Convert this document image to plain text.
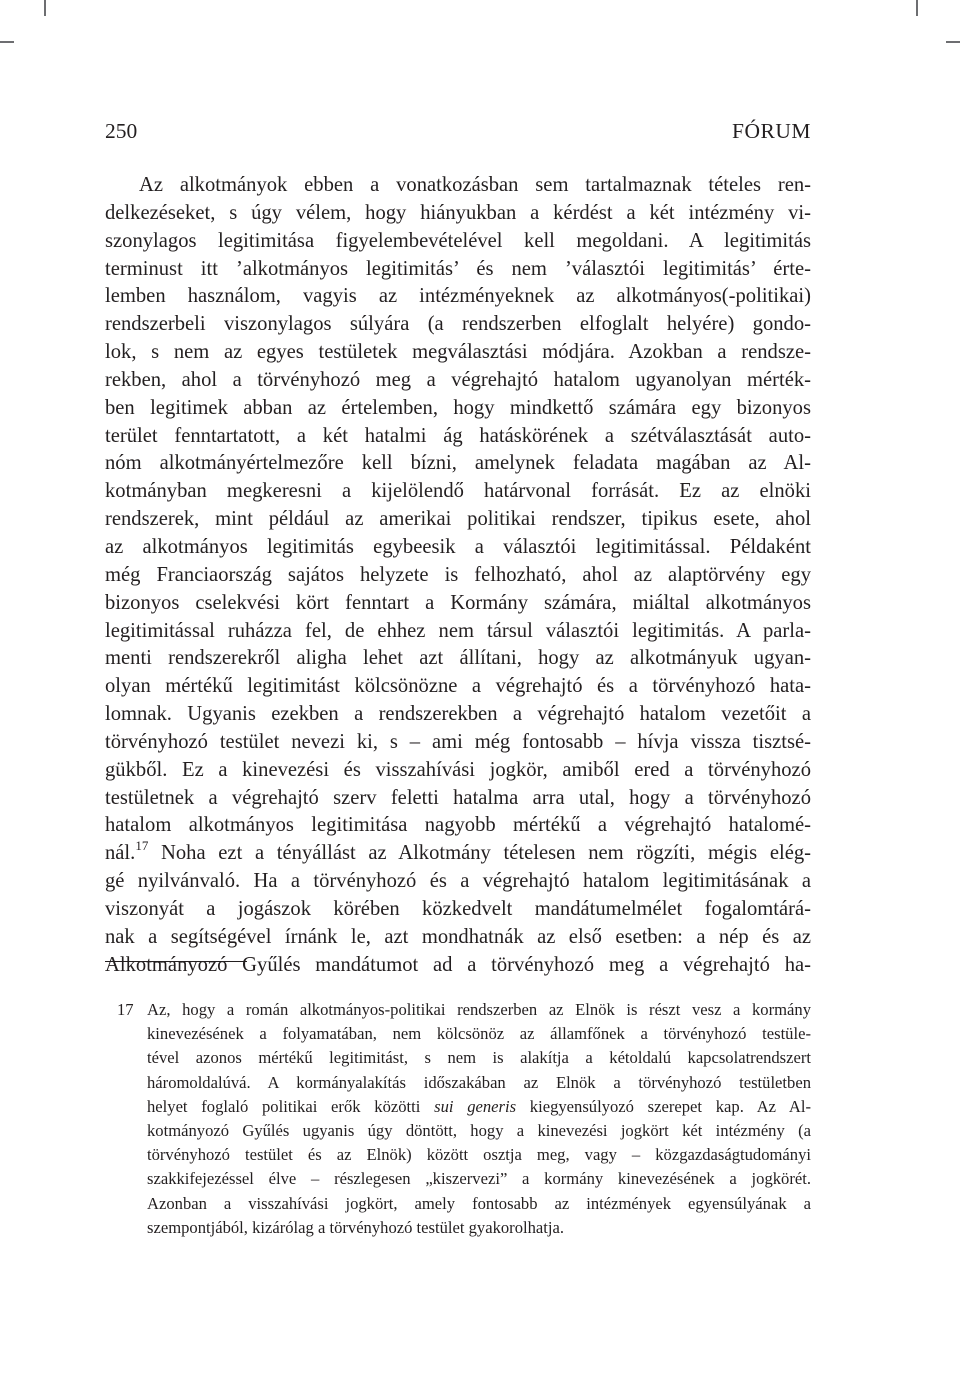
250	FÓRUM
Az alkotmányok ebben a vonatkozásban sem tartalmaznak tételes ren-
delkezéseket, s úgy vélem, hogy hiányukban a kérdést a két intézmény vi-
szonylagos legitimitása figyelembevételével kell megoldani. A legitimitás
terminust itt ’alkotmányos legitimitás’ és nem ’választói legitimitás’ érte-
lemben használom, vagyis az intézményeknek az alkotmányos(-politikai)
rendszerbeli viszonylagos súlyára (a rendszerben elfoglalt helyére) gondo-
lok, s nem az egyes testületek megválasztási módjára. Azokban a rendsze-
rekben, ahol a törvényhozó meg a végrehajtó hatalom ugyanolyan mérték-
ben legitimek abban az értelemben, hogy mindkettő számára egy bizonyos
terület fenntartatott, a két hatalmi ág hatáskörének a szétválasztását auto-
nóm alkotmányértelmezőre kell bízni, amelynek feladata magában az Al-
kotmányban megkeresni a kijelölendő határvonal forrását. Ez az elnöki
rendszerek, mint például az amerikai politikai rendszer, tipikus esete, ahol
az alkotmányos legitimitás egybeesik a választói legitimitással. Példaként
még Franciaország sajátos helyzete is felhozható, ahol az alaptörvény egy
bizonyos cselekvési kört fenntart a Kormány számára, miáltal alkotmányos
legitimitással ruházza fel, de ehhez nem társul választói legitimitás. A parla-
menti rendszerekről aligha lehet azt állítani, hogy az alkotmányuk ugyan-
olyan mértékű legitimitást kölcsönözne a végrehajtó és a törvényhozó hata-
lomnak. Ugyanis ezekben a rendszerekben a végrehajtó hatalom vezetőit a
törvényhozó testület nevezi ki, s – ami még fontosabb – hívja vissza tisztsé-
gükből. Ez a kinevezési és visszahívási jogkör, amiből ered a törvényhozó
testületnek a végrehajtó szerv feletti hatalma arra utal, hogy a törvényhozó
hatalom alkotmányos legitimitása nagyobb mértékű a végrehajtó hatalomé-
nál.$^{17}$ Noha ezt a tényállást az Alkotmány tételesen nem rögzíti, mégis elég-
gé nyilvánvaló. Ha a törvényhozó és a végrehajtó hatalom legitimitásának a
viszonyát a jogászok körében közkedvelt mandátumelmélet fogalomtárá-
nak a segítségével írnánk le, azt mondhatnák az első esetben: a nép és az
Alkotmányozó Gyűlés mandátumot ad a törvényhozó meg a végrehajtó ha-
17 Az, hogy a román alkotmányos-politikai rendszerben az Elnök is részt vesz a kormány
kinevezésének a folyamatában, nem kölcsönöz az államfőnek a törvényhozó testüle-
tével azonos mértékű legitimitást, s nem is alakítja a kétoldalú kapcsolatrendszert
háromoldalúvá. A kormányalakítás időszakában az Elnök a törvényhozó testületben
helyet foglaló politikai erők közötti sui generis kiegyensúlyozó szerepet kap. Az Al-
kotmányozó Gyűlés ugyanis úgy döntött, hogy a kinevezési jogkört két intézmény (a
törvényhozó testület és az Elnök) között osztja meg, vagy – közgazdaságtudományi
szakkifejezéssel élve – részlegesen „kiszervezi” a kormány kinevezésének a jogkörét.
Azonban a visszahívási jogkört, amely fontosabb az intézmények egyensúlyának a
szempontjából, kizárólag a törvényhozó testület gyakorolhatja.
